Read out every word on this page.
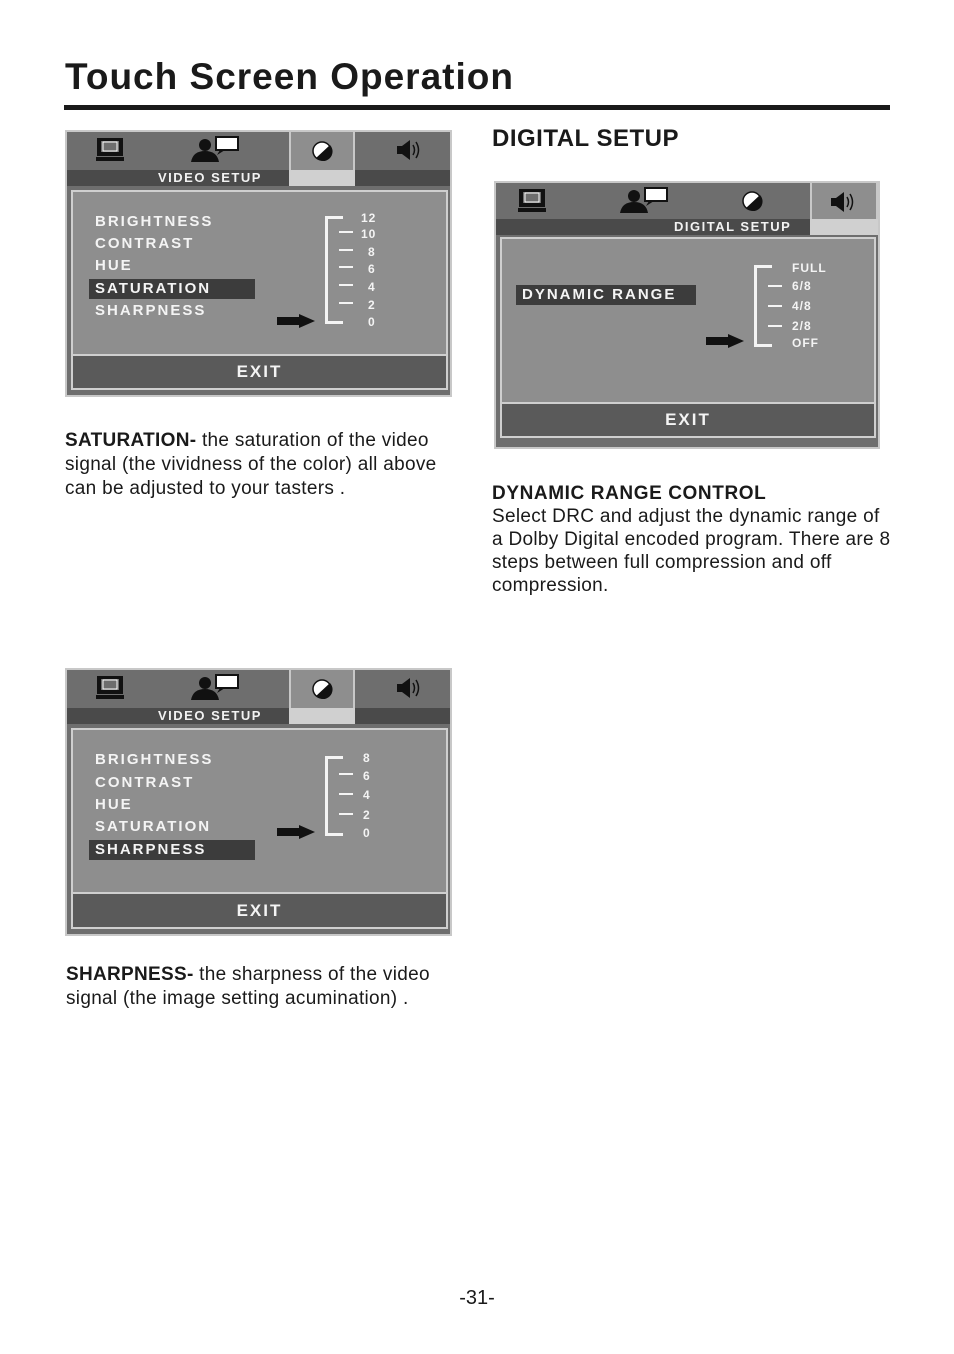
Touch Screen Operation
VIDEO SETUP
BRIGHTNESS
CONTRAST
HUE
SATURATION
SHARPNESS
12
10
8
6
4
2
0
EXIT

SATURATION- the saturation of the video signal (the vividness of the color) all above can be adjusted to your tasters .

DIGITAL SETUP
DIGITAL SETUP
DYNAMIC RANGE
FULL
6/8
4/8
2/8
OFF
EXIT
DYNAMIC RANGE CONTROL
Select DRC and adjust the dynamic range of a Dolby Digital encoded program. There are 8 steps between full compression and off compression.
VIDEO SETUP
BRIGHTNESS
CONTRAST
HUE
SATURATION
SHARPNESS
8
6
4
2
0
EXIT

SHARPNESS- the sharpness of the video signal (the image setting acumination) .

-31-
